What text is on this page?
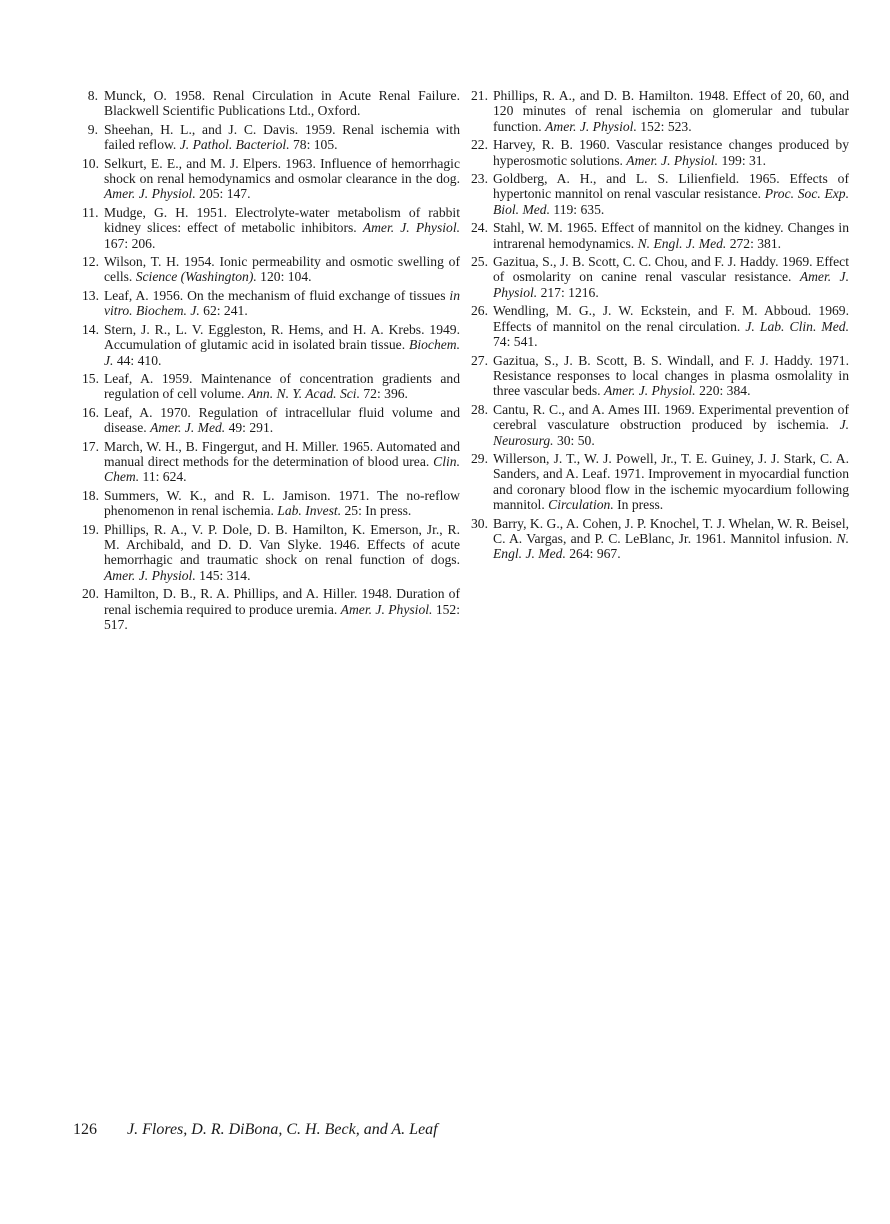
8. Munck, O. 1958. Renal Circulation in Acute Renal Failure. Blackwell Scientific Publications Ltd., Oxford.
9. Sheehan, H. L., and J. C. Davis. 1959. Renal ischemia with failed reflow. J. Pathol. Bacteriol. 78: 105.
10. Selkurt, E. E., and M. J. Elpers. 1963. Influence of hemorrhagic shock on renal hemodynamics and osmolar clearance in the dog. Amer. J. Physiol. 205: 147.
11. Mudge, G. H. 1951. Electrolyte-water metabolism of rabbit kidney slices: effect of metabolic inhibitors. Amer. J. Physiol. 167: 206.
12. Wilson, T. H. 1954. Ionic permeability and osmotic swelling of cells. Science (Washington). 120: 104.
13. Leaf, A. 1956. On the mechanism of fluid exchange of tissues in vitro. Biochem. J. 62: 241.
14. Stern, J. R., L. V. Eggleston, R. Hems, and H. A. Krebs. 1949. Accumulation of glutamic acid in isolated brain tissue. Biochem. J. 44: 410.
15. Leaf, A. 1959. Maintenance of concentration gradients and regulation of cell volume. Ann. N. Y. Acad. Sci. 72: 396.
16. Leaf, A. 1970. Regulation of intracellular fluid volume and disease. Amer. J. Med. 49: 291.
17. March, W. H., B. Fingergut, and H. Miller. 1965. Automated and manual direct methods for the determination of blood urea. Clin. Chem. 11: 624.
18. Summers, W. K., and R. L. Jamison. 1971. The no-reflow phenomenon in renal ischemia. Lab. Invest. 25: In press.
19. Phillips, R. A., V. P. Dole, D. B. Hamilton, K. Emerson, Jr., R. M. Archibald, and D. D. Van Slyke. 1946. Effects of acute hemorrhagic and traumatic shock on renal function of dogs. Amer. J. Physiol. 145: 314.
20. Hamilton, D. B., R. A. Phillips, and A. Hiller. 1948. Duration of renal ischemia required to produce uremia. Amer. J. Physiol. 152: 517.
21. Phillips, R. A., and D. B. Hamilton. 1948. Effect of 20, 60, and 120 minutes of renal ischemia on glomerular and tubular function. Amer. J. Physiol. 152: 523.
22. Harvey, R. B. 1960. Vascular resistance changes produced by hyperosmotic solutions. Amer. J. Physiol. 199: 31.
23. Goldberg, A. H., and L. S. Lilienfield. 1965. Effects of hypertonic mannitol on renal vascular resistance. Proc. Soc. Exp. Biol. Med. 119: 635.
24. Stahl, W. M. 1965. Effect of mannitol on the kidney. Changes in intrarenal hemodynamics. N. Engl. J. Med. 272: 381.
25. Gazitua, S., J. B. Scott, C. C. Chou, and F. J. Haddy. 1969. Effect of osmolarity on canine renal vascular resistance. Amer. J. Physiol. 217: 1216.
26. Wendling, M. G., J. W. Eckstein, and F. M. Abboud. 1969. Effects of mannitol on the renal circulation. J. Lab. Clin. Med. 74: 541.
27. Gazitua, S., J. B. Scott, B. S. Windall, and F. J. Haddy. 1971. Resistance responses to local changes in plasma osmolality in three vascular beds. Amer. J. Physiol. 220: 384.
28. Cantu, R. C., and A. Ames III. 1969. Experimental prevention of cerebral vasculature obstruction produced by ischemia. J. Neurosurg. 30: 50.
29. Willerson, J. T., W. J. Powell, Jr., T. E. Guiney, J. J. Stark, C. A. Sanders, and A. Leaf. 1971. Improvement in myocardial function and coronary blood flow in the ischemic myocardium following mannitol. Circulation. In press.
30. Barry, K. G., A. Cohen, J. P. Knochel, T. J. Whelan, W. R. Beisel, C. A. Vargas, and P. C. LeBlanc, Jr. 1961. Mannitol infusion. N. Engl. J. Med. 264: 967.
126 J. Flores, D. R. DiBona, C. H. Beck, and A. Leaf
